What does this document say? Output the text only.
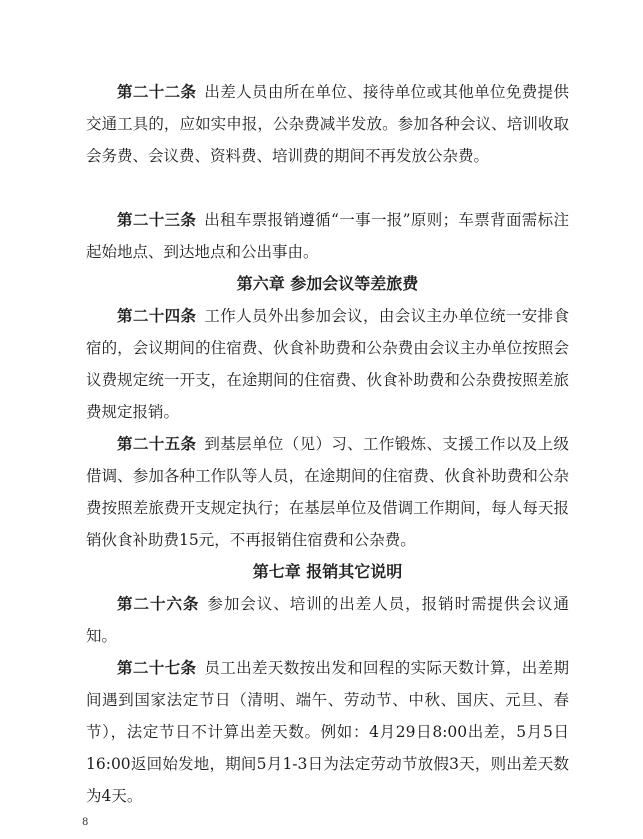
第二十二条 出差人员由所在单位、接待单位或其他单位免费提供交通工具的，应如实申报，公杂费减半发放。参加各种会议、培训收取会务费、会议费、资料费、培训费的期间不再发放公杂费。

第二十三条 出租车票报销遵循“一事一报”原则；车票背面需标注起始地点、到达地点和公出事由。

第六章 参加会议等差旅费

第二十四条 工作人员外出参加会议，由会议主办单位统一安排食宿的，会议期间的住宿费、伙食补助费和公杂费由会议主办单位按照会议费规定统一开支，在途期间的住宿费、伙食补助费和公杂费按照差旅费规定报销。

第二十五条 到基层单位（见）习、工作锻炼、支援工作以及上级借调、参加各种工作队等人员，在途期间的住宿费、伙食补助费和公杂费按照差旅费开支规定执行；在基层单位及借调工作期间，每人每天报销伙食补助费15元，不再报销住宿费和公杂费。

第七章 报销其它说明

第二十六条 参加会议、培训的出差人员，报销时需提供会议通知。

第二十七条 员工出差天数按出发和回程的实际天数计算，出差期间遇到国家法定节日（清明、端午、劳动节、中秋、国庆、元旦、春节），法定节日不计算出差天数。例如：4月29日8:00出差，5月5日16:00返回始发地，期间5月1-3日为法定劳动节放假3天，则出差天数为4天。

8
